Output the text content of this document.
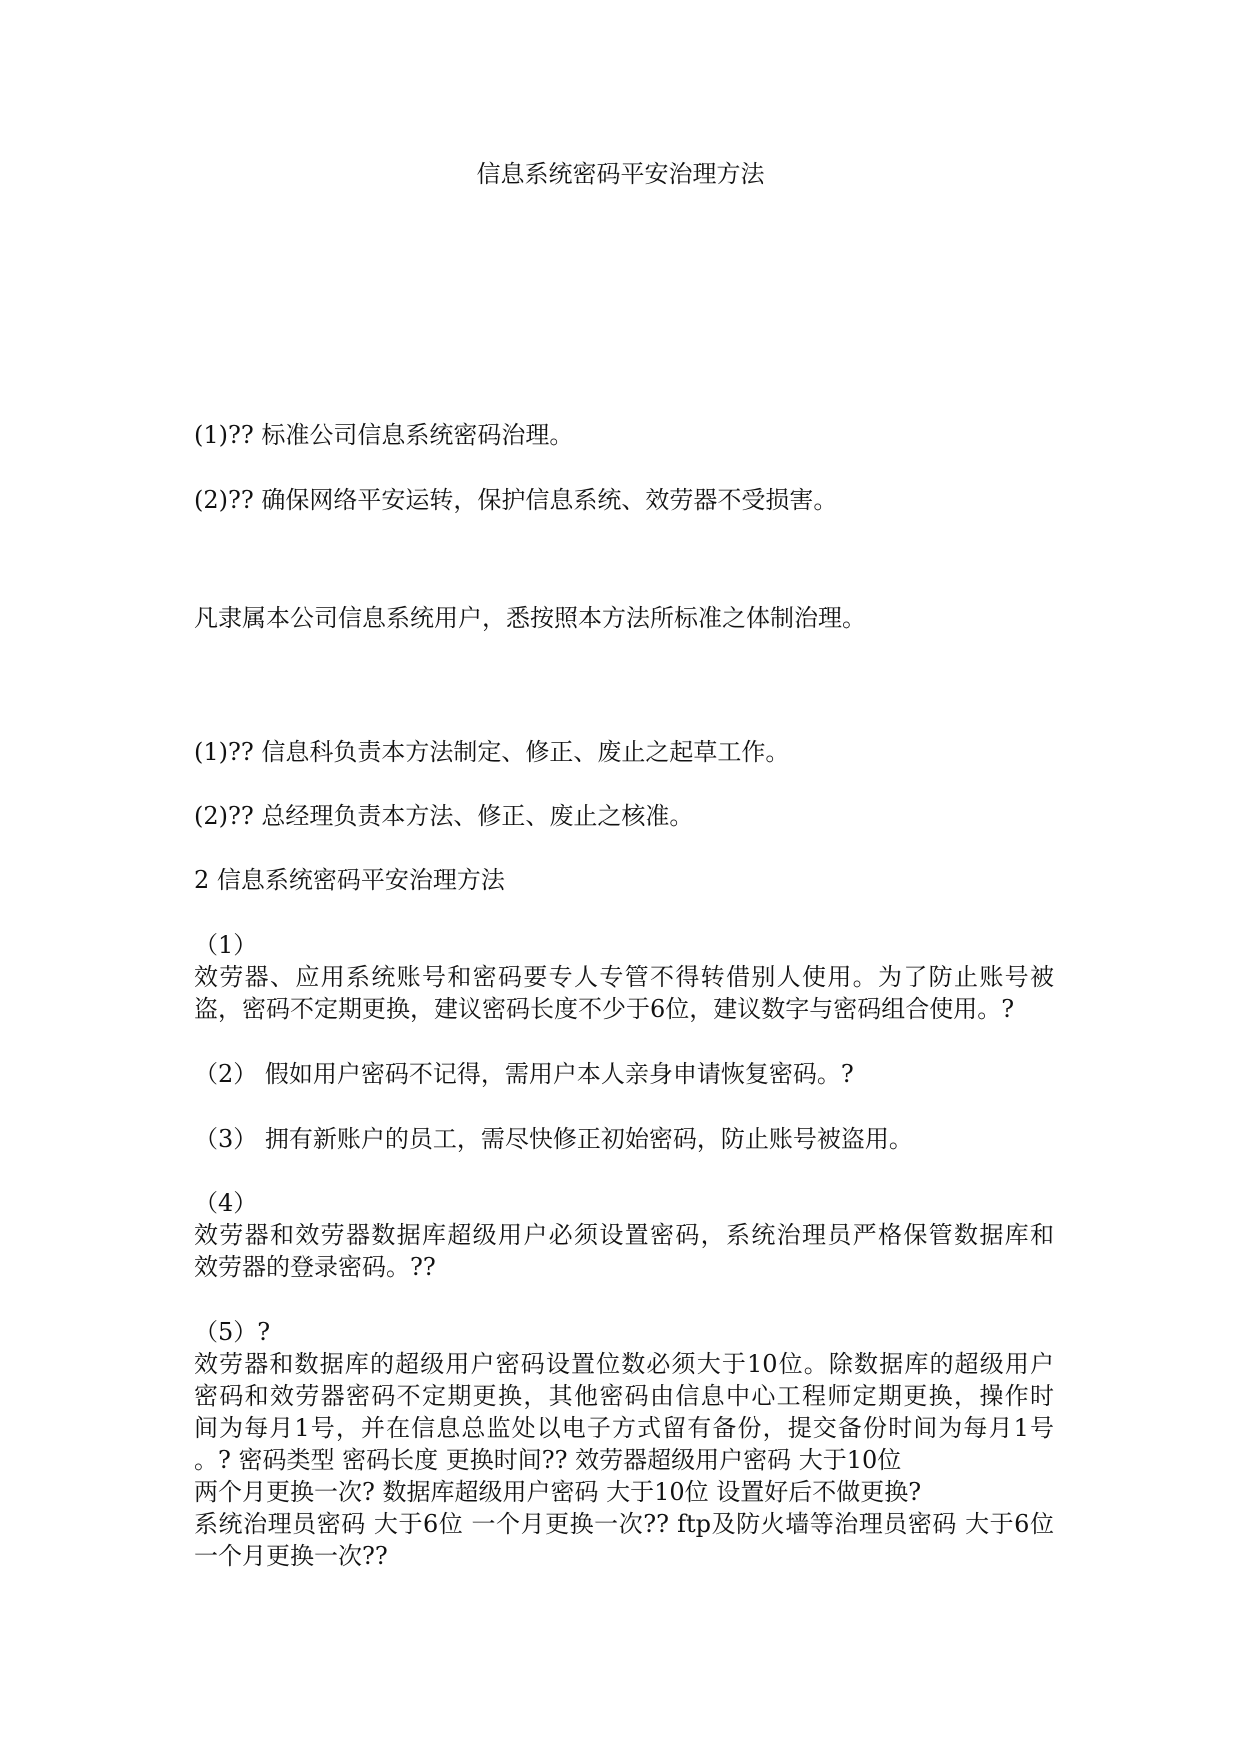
信息系统密码平安治理方法
(1)?? 标准公司信息系统密码治理。
(2)?? 确保网络平安运转，保护信息系统、效劳器不受损害。
凡隶属本公司信息系统用户，悉按照本方法所标准之体制治理。
(1)?? 信息科负责本方法制定、修正、废止之起草工作。
(2)?? 总经理负责本方法、修正、废止之核准。
2 信息系统密码平安治理方法
（1）
效劳器、应用系统账号和密码要专人专管不得转借别人使用。为了防止账号被
盗，密码不定期更换，建议密码长度不少于6位，建议数字与密码组合使用。?
（2） 假如用户密码不记得，需用户本人亲身申请恢复密码。?
（3） 拥有新账户的员工，需尽快修正初始密码，防止账号被盗用。
（4）
效劳器和效劳器数据库超级用户必须设置密码，系统治理员严格保管数据库和
效劳器的登录密码。??
（5）?
效劳器和数据库的超级用户密码设置位数必须大于10位。除数据库的超级用户
密码和效劳器密码不定期更换，其他密码由信息中心工程师定期更换，操作时
间为每月1号，并在信息总监处以电子方式留有备份，提交备份时间为每月1号
。? 密码类型 密码长度 更换时间?? 效劳器超级用户密码 大于10位
两个月更换一次? 数据库超级用户密码 大于10位 设置好后不做更换?
系统治理员密码 大于6位 一个月更换一次?? ftp及防火墙等治理员密码 大于6位
一个月更换一次??
